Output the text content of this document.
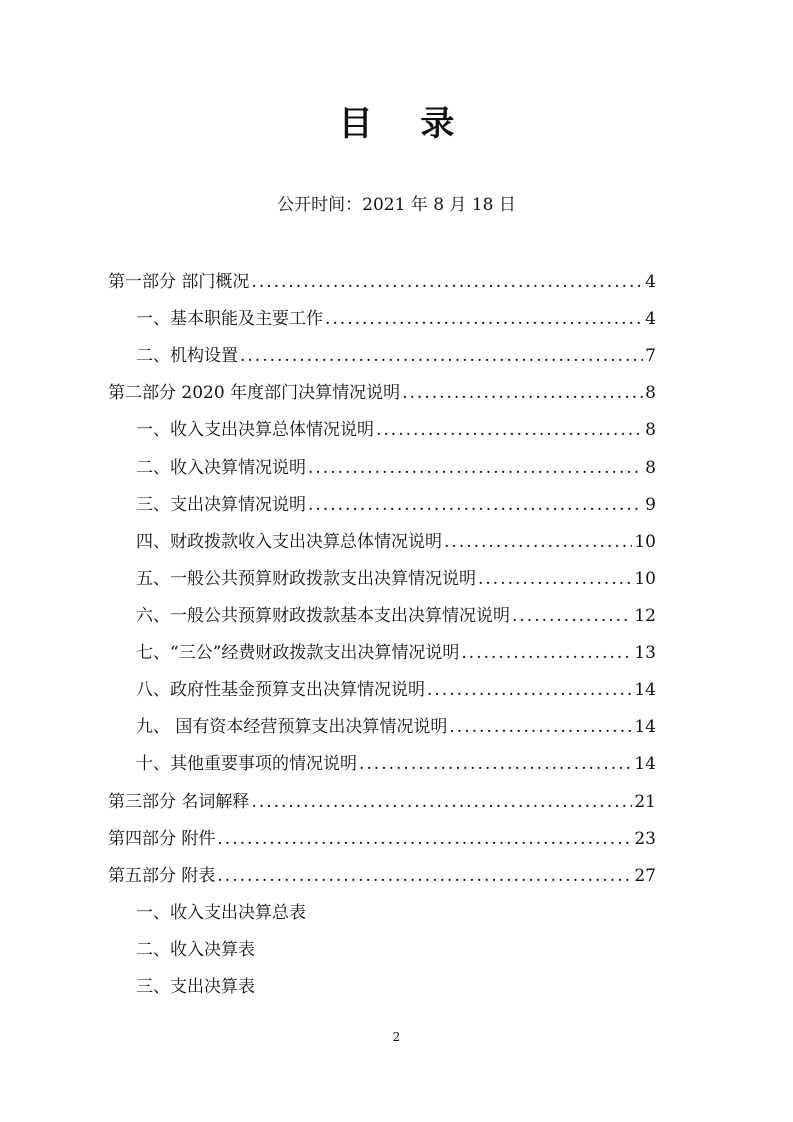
目 录
公开时间：2021 年 8 月 18 日
第一部分 部门概况 .....	4
一、基本职能及主要工作 .....	4
二、机构设置 .....	7
第二部分 2020 年度部门决算情况说明 .....	8
一、收入支出决算总体情况说明 .....	8
二、收入决算情况说明 .....	8
三、支出决算情况说明 .....	9
四、财政拨款收入支出决算总体情况说明 .....	10
五、一般公共预算财政拨款支出决算情况说明 .....	10
六、一般公共预算财政拨款基本支出决算情况说明 .....	12
七、“三公”经费财政拨款支出决算情况说明 .....	13
八、政府性基金预算支出决算情况说明 .....	14
九、 国有资本经营预算支出决算情况说明 .....	14
十、其他重要事项的情况说明 .....	14
第三部分 名词解释 .....	21
第四部分 附件 .....	23
第五部分 附表 .....	27
一、收入支出决算总表
二、收入决算表
三、支出决算表
2
